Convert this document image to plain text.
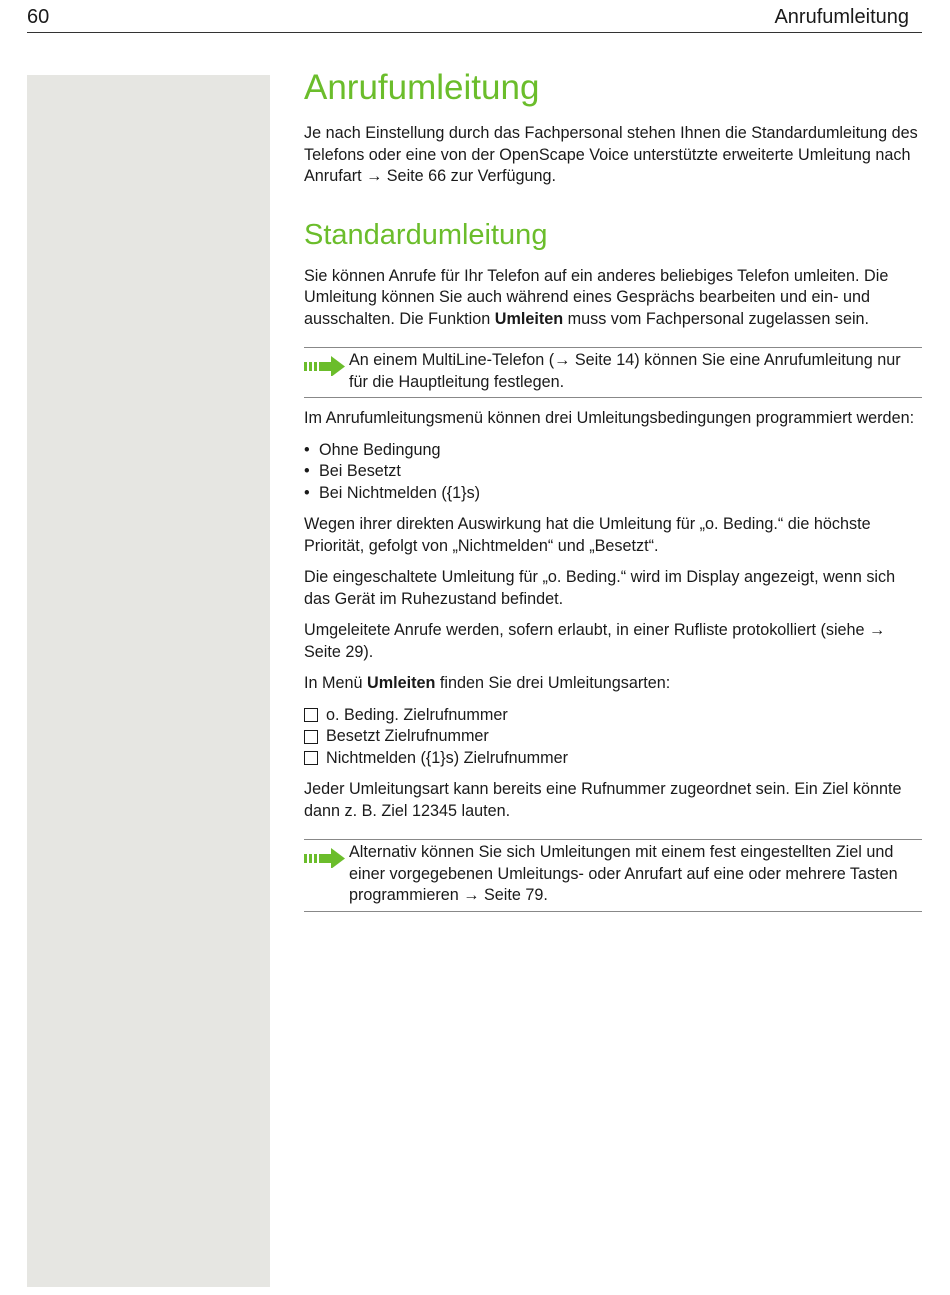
60	Anrufumleitung
Anrufumleitung

Je nach Einstellung durch das Fachpersonal stehen Ihnen die Standardumleitung des Telefons oder eine von der OpenScape Voice unterstützte erweiterte Umleitung nach Anrufart → Seite 66 zur Verfügung.

Standardumleitung

Sie können Anrufe für Ihr Telefon auf ein anderes beliebiges Telefon umleiten. Die Umleitung können Sie auch während eines Gesprächs bearbeiten und ein- und ausschalten. Die Funktion Umleiten muss vom Fachpersonal zugelassen sein.

An einem MultiLine-Telefon (→ Seite 14) können Sie eine Anrufumleitung nur für die Hauptleitung festlegen.

Im Anrufumleitungsmenü können drei Umleitungsbedingungen programmiert werden:

• Ohne Bedingung
• Bei Besetzt
• Bei Nichtmelden ({1}s)

Wegen ihrer direkten Auswirkung hat die Umleitung für „o. Beding.“ die höchste Priorität, gefolgt von „Nichtmelden“ und „Besetzt“.

Die eingeschaltete Umleitung für „o. Beding.“ wird im Display angezeigt, wenn sich das Gerät im Ruhezustand befindet.

Umgeleitete Anrufe werden, sofern erlaubt, in einer Rufliste protokolliert (siehe → Seite 29).

In Menü Umleiten finden Sie drei Umleitungsarten:

o. Beding. Zielrufnummer
Besetzt Zielrufnummer
Nichtmelden ({1}s) Zielrufnummer

Jeder Umleitungsart kann bereits eine Rufnummer zugeordnet sein. Ein Ziel könnte dann z. B. Ziel 12345 lauten.

Alternativ können Sie sich Umleitungen mit einem fest eingestellten Ziel und einer vorgegebenen Umleitungs- oder Anrufart auf eine oder mehrere Tasten programmieren → Seite 79.
